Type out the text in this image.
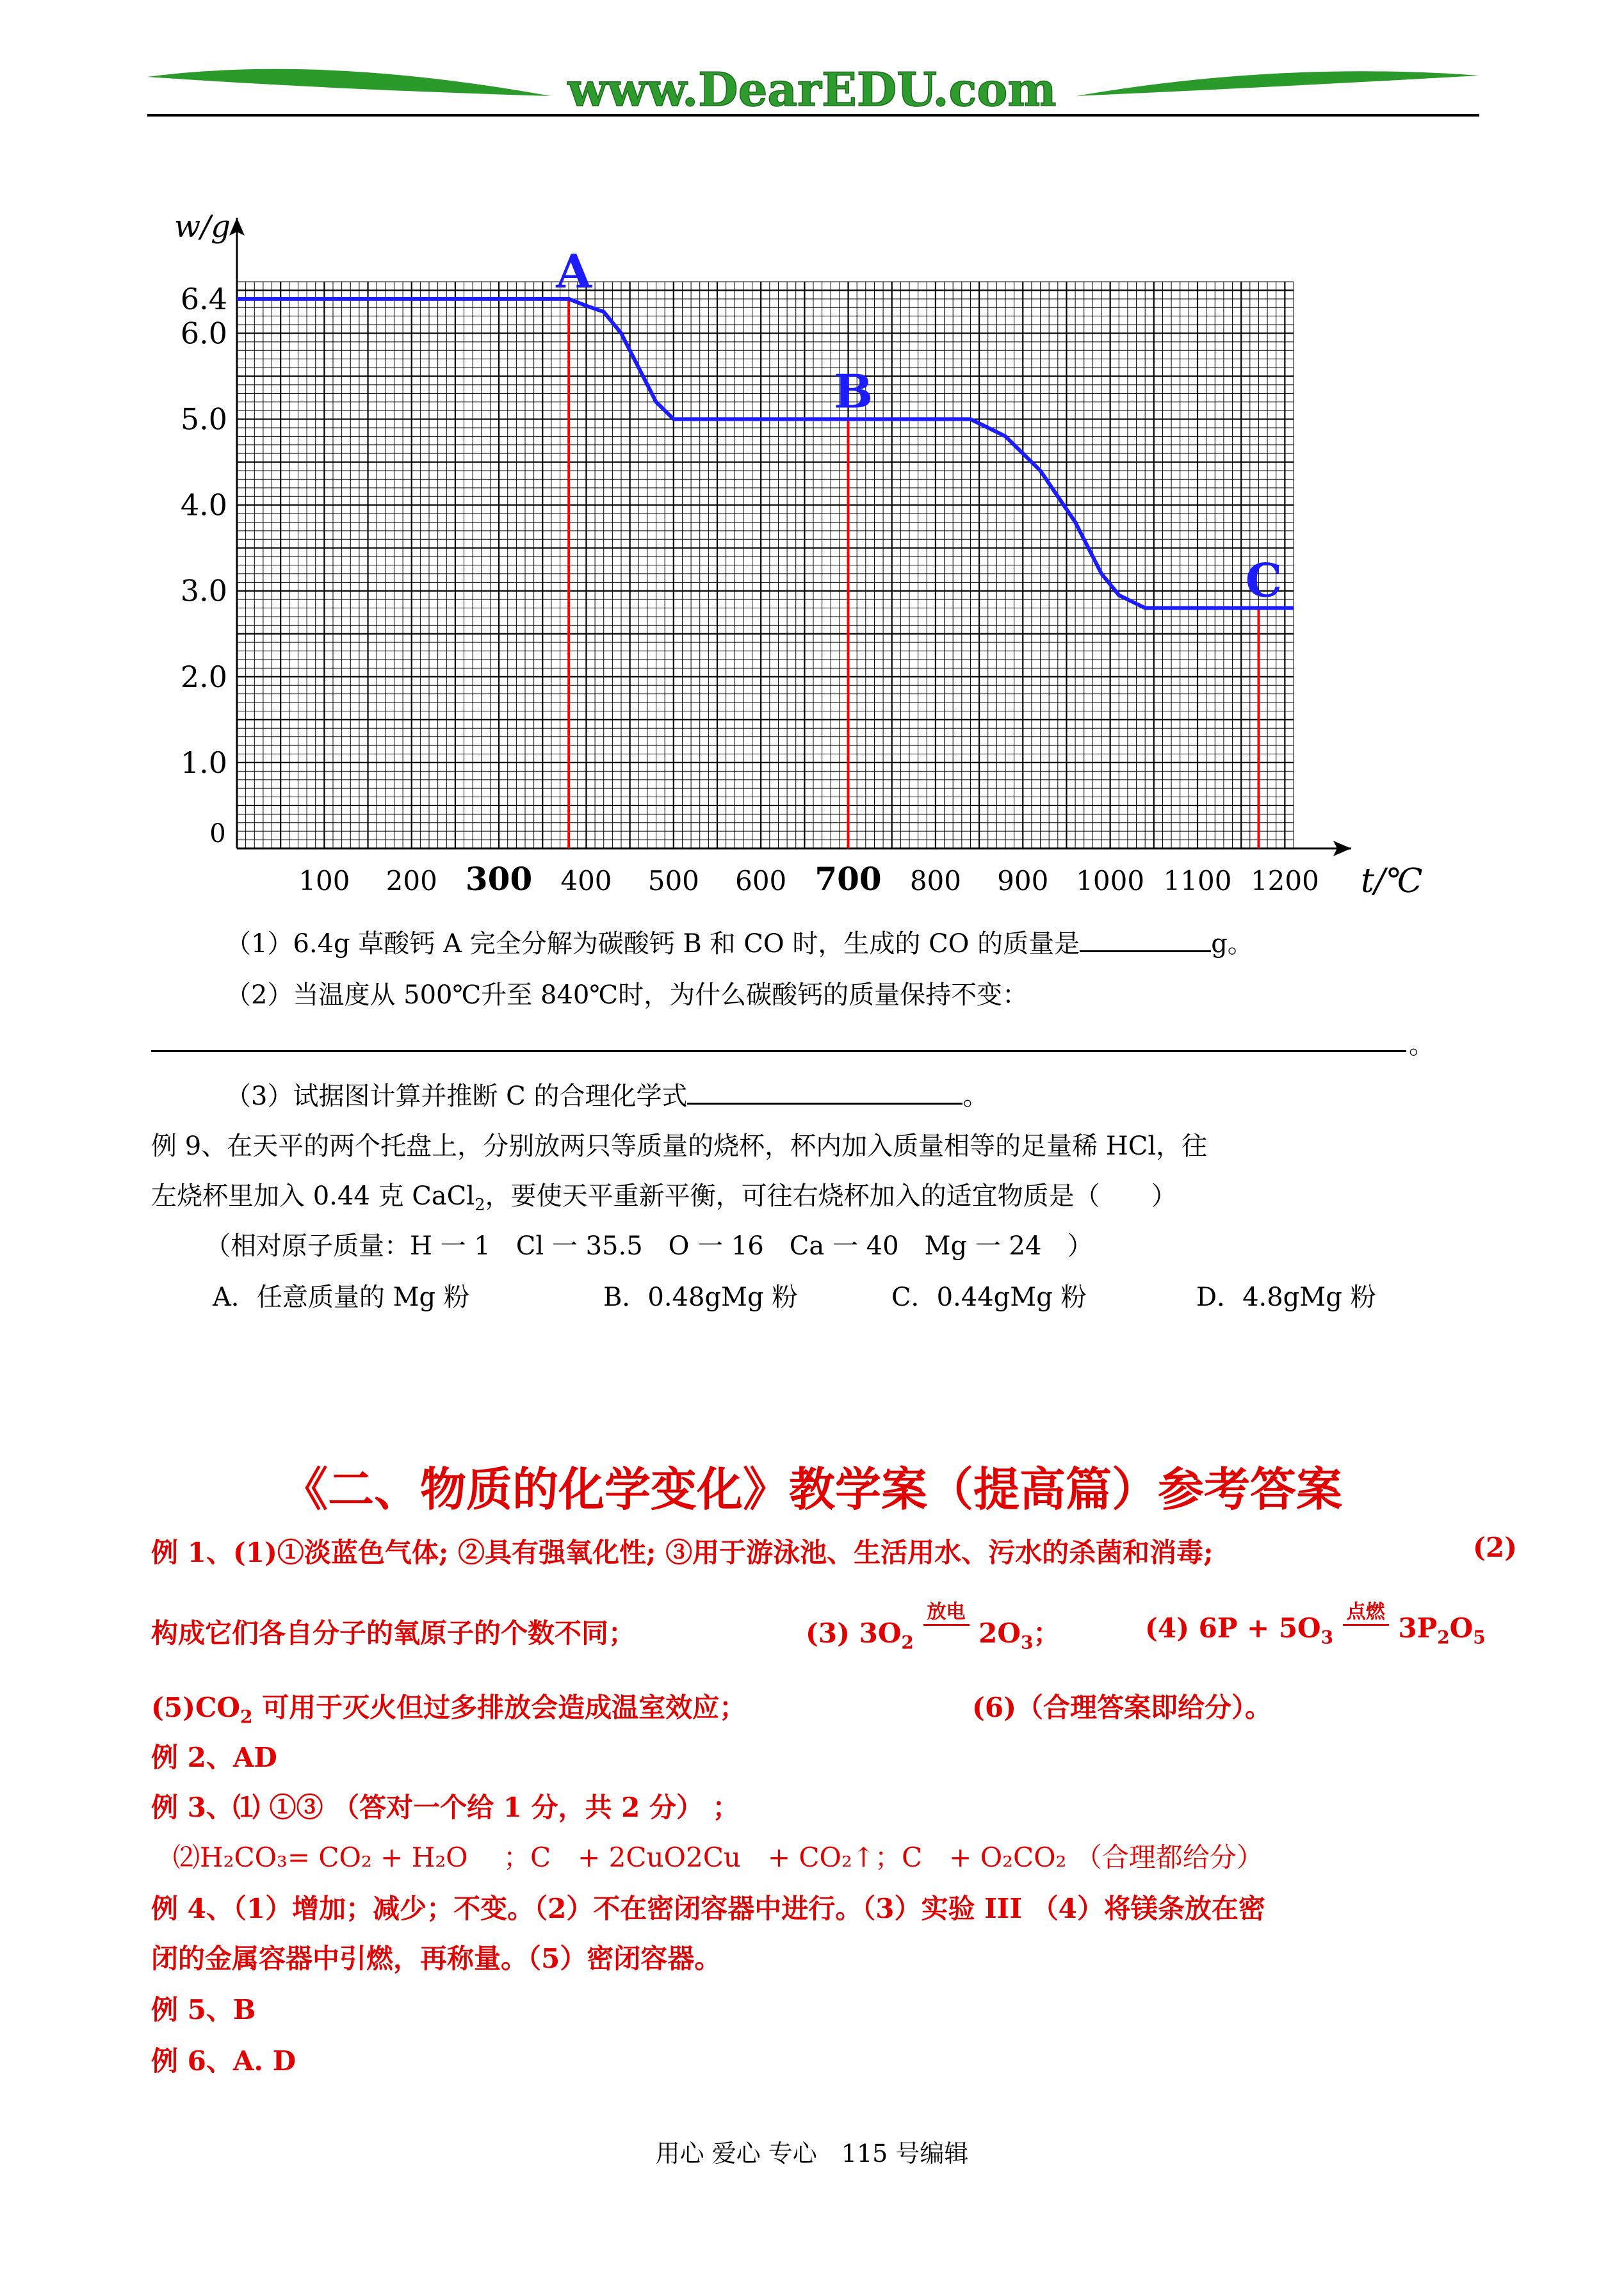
www.DearEDU.com
100 200 300 400 500 600 700 800 900 1000 1100 1200
1.0
2.0
3.0
4.0
5.0
6.0
6.4
0
t/℃
w/g
A
B
C
（1）6.4g 草酸钙 A 完全分解为碳酸钙 B 和 CO 时，生成的 CO 的质量是	g。
（2）当温度从 500℃升至 840℃时，为什么碳酸钙的质量保持不变：
。
（3）试据图计算并推断 C 的合理化学式	。
例 9、在天平的两个托盘上，分别放两只等质量的烧杯，杯内加入质量相等的足量稀 HCl，往
左烧杯里加入 0.44 克 CaCl$_2$，要使天平重新平衡，可往右烧杯加入的适宜物质是（　　）
（相对原子质量：H 一 1　Cl 一 35.5　O 一 16　Ca 一 40　Mg 一 24　）
A．任意质量的 Mg 粉	B．0.48gMg 粉	C．0.44gMg 粉	D．4.8gMg 粉
《二、物质的化学变化》教学案（提高篇）参考答案
例 1、(1)①淡蓝色气体; ②具有强氧化性; ③用于游泳池、生活用水、污水的杀菌和消毒;	(2)
构成它们各自分子的氧原子的个数不同；	(3) $3O_2$
放电
$2O_3$；	(4) $6P + 5O_3$
点燃
$3P_2O_5$
$(5)CO_2$ 可用于灭火但过多排放会造成温室效应；	(6)（合理答案即给分）。
例 2、AD
例 3、⑴ ①③ （答对一个给 1 分，共 2 分） ；
⑵H₂CO₃= CO₂ + H₂O　 ；C　+ 2CuO2Cu　+ CO₂↑；C　+ O₂CO₂ （合理都给分）
例 4、（1）增加；减少；不变。（2）不在密闭容器中进行。（3）实验 III （4）将镁条放在密
闭的金属容器中引燃，再称量。（5）密闭容器。
例 5、B
例 6、A. D
用心 爱心 专心　115 号编辑
